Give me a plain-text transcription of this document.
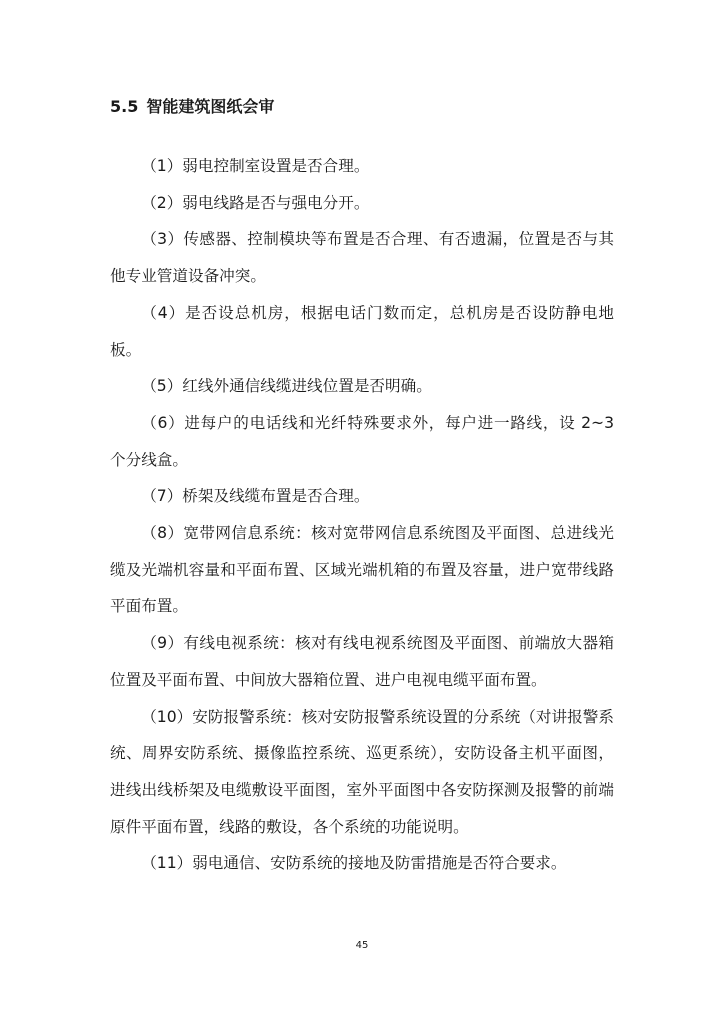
5.5 智能建筑图纸会审

（1）弱电控制室设置是否合理。

（2）弱电线路是否与强电分开。

（3）传感器、控制模块等布置是否合理、有否遗漏，位置是否与其他专业管道设备冲突。

（4）是否设总机房，根据电话门数而定，总机房是否设防静电地板。

（5）红线外通信线缆进线位置是否明确。

（6）进每户的电话线和光纤特殊要求外，每户进一路线，设 2~3 个分线盒。

（7）桥架及线缆布置是否合理。

（8）宽带网信息系统：核对宽带网信息系统图及平面图、总进线光缆及光端机容量和平面布置、区域光端机箱的布置及容量，进户宽带线路平面布置。

（9）有线电视系统：核对有线电视系统图及平面图、前端放大器箱位置及平面布置、中间放大器箱位置、进户电视电缆平面布置。

（10）安防报警系统：核对安防报警系统设置的分系统（对讲报警系统、周界安防系统、摄像监控系统、巡更系统），安防设备主机平面图，进线出线桥架及电缆敷设平面图，室外平面图中各安防探测及报警的前端原件平面布置，线路的敷设，各个系统的功能说明。

（11）弱电通信、安防系统的接地及防雷措施是否符合要求。

45
